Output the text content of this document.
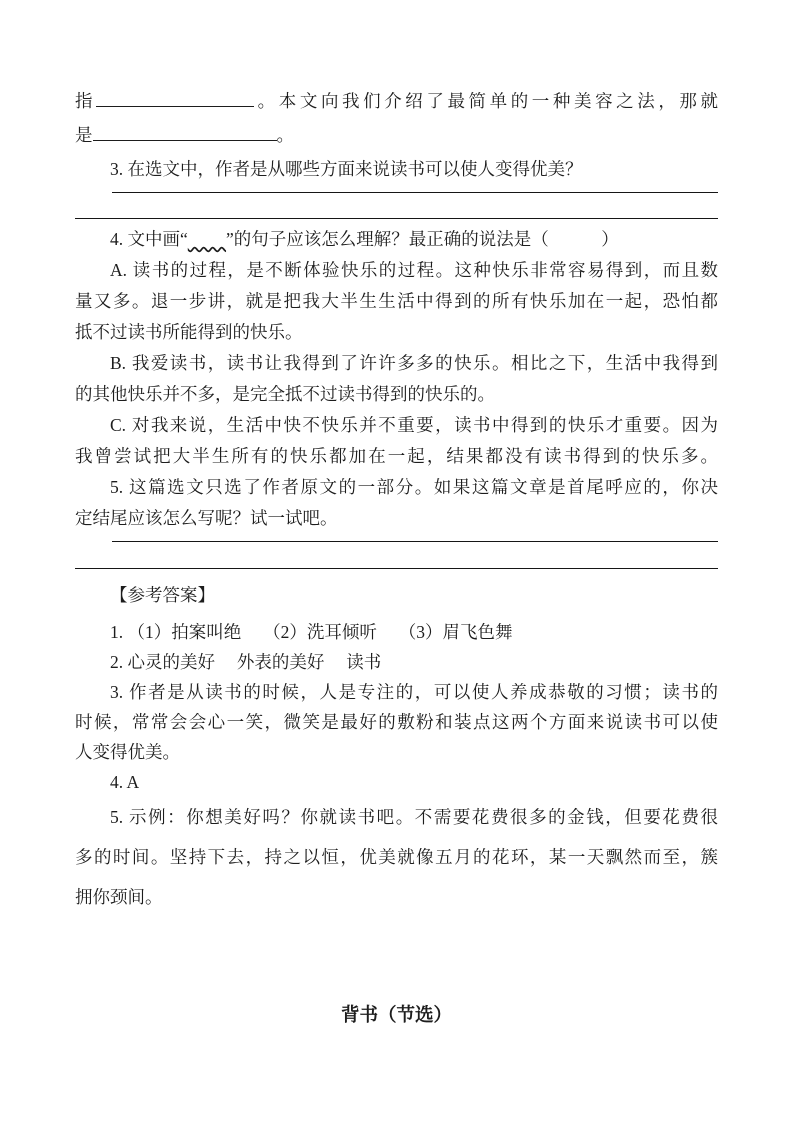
指	。本文向我们介绍了最简单的一种美容之法，那就
是	。
3. 在选文中，作者是从哪些方面来说读书可以使人变得优美？
4. 文中画“ ”的句子应该怎么理解？最正确的说法是（　　　）
A. 读书的过程，是不断体验快乐的过程。这种快乐非常容易得到，而且数
量又多。退一步讲，就是把我大半生生活中得到的所有快乐加在一起，恐怕都
抵不过读书所能得到的快乐。
B. 我爱读书，读书让我得到了许许多多的快乐。相比之下，生活中我得到
的其他快乐并不多，是完全抵不过读书得到的快乐的。
C. 对我来说，生活中快不快乐并不重要，读书中得到的快乐才重要。因为
我曾尝试把大半生所有的快乐都加在一起，结果都没有读书得到的快乐多。
5. 这篇选文只选了作者原文的一部分。如果这篇文章是首尾呼应的，你决
定结尾应该怎么写呢？试一试吧。
【参考答案】
1. （1）拍案叫绝　 （2）洗耳倾听　 （3）眉飞色舞
2. 心灵的美好　 外表的美好　 读书
3. 作者是从读书的时候，人是专注的，可以使人养成恭敬的习惯；读书的
时候，常常会会心一笑，微笑是最好的敷粉和装点这两个方面来说读书可以使
人变得优美。
4. A
5. 示例：你想美好吗？你就读书吧。不需要花费很多的金钱，但要花费很
多的时间。坚持下去，持之以恒，优美就像五月的花环，某一天飘然而至，簇
拥你颈间。
背书（节选）
